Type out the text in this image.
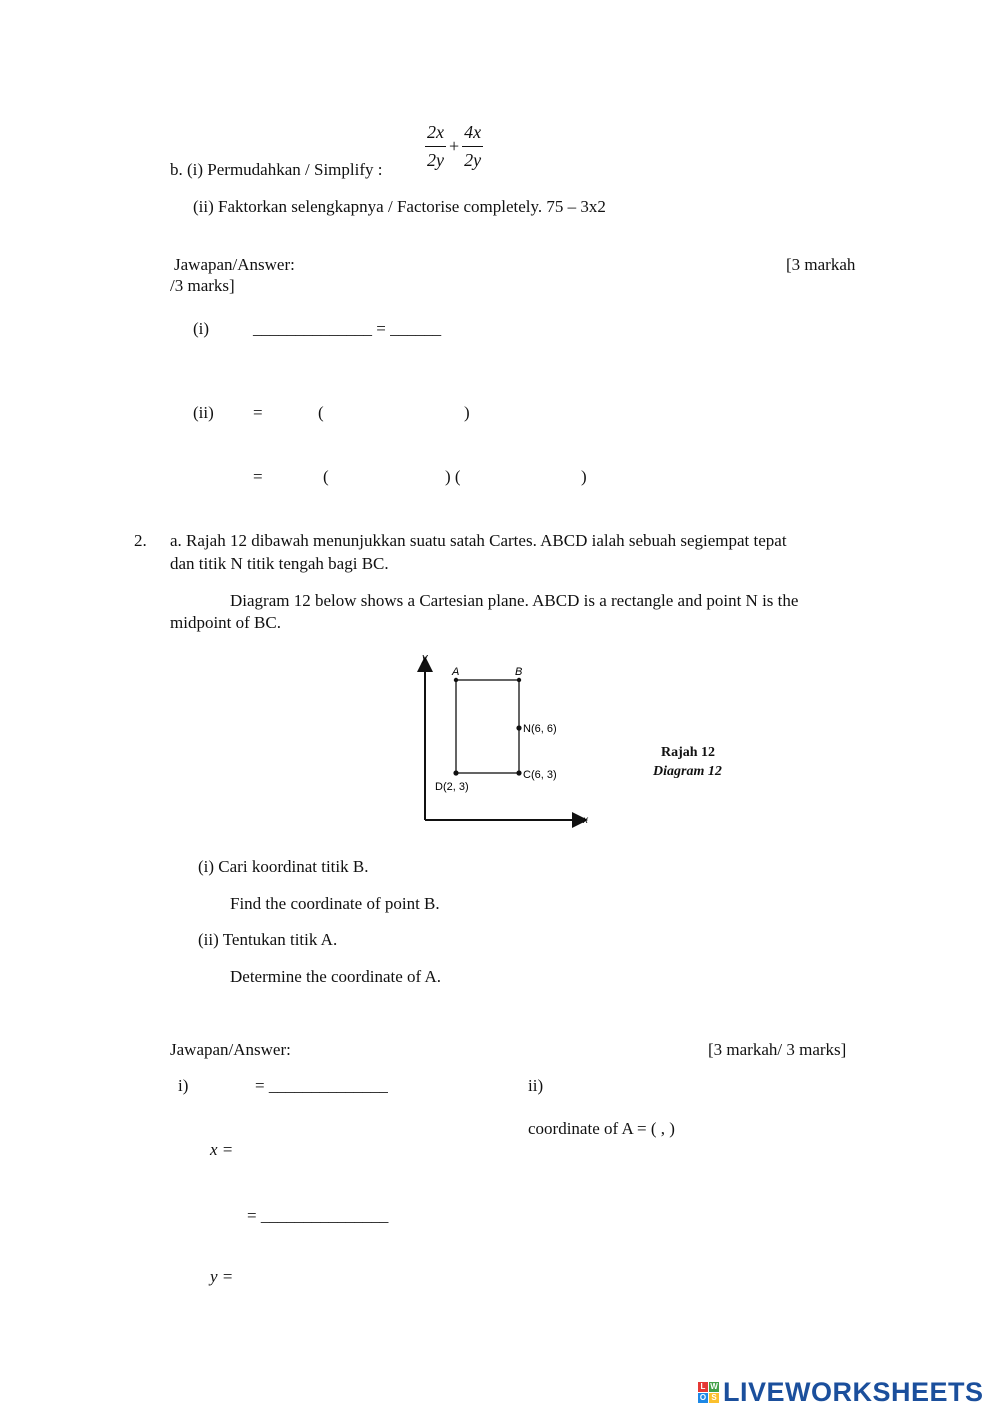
$\frac{2x}{2y} + \frac{4x}{2y}$
b. (i) Permudahkan / Simplify :
(ii) Faktorkan selengkapnya / Factorise completely. 75 – 3x2
Jawapan/Answer:	[3 markah
/3 marks]
(i)	______________ = ______
(ii) =	(	)
=	(	) (	)
2. a. Rajah 12 dibawah menunjukkan suatu satah Cartes. ABCD ialah sebuah segiempat tepat
dan titik N titik tengah bagi BC.
Diagram 12 below shows a Cartesian plane. ABCD is a rectangle and point N is the
midpoint of BC.
y
x
A	B
N(6, 6)
C(6, 3)
D(2, 3)
Rajah 12
Diagram 12
(i) Cari koordinat titik B.
Find the coordinate of point B.
(ii) Tentukan titik A.
Determine the coordinate of A.
Jawapan/Answer:	[3 markah/ 3 marks]
i)	= ______________	ii)
coordinate of A = ( , )
x =
= _______________
y =
L W
O S LIVEWORKSHEETS
